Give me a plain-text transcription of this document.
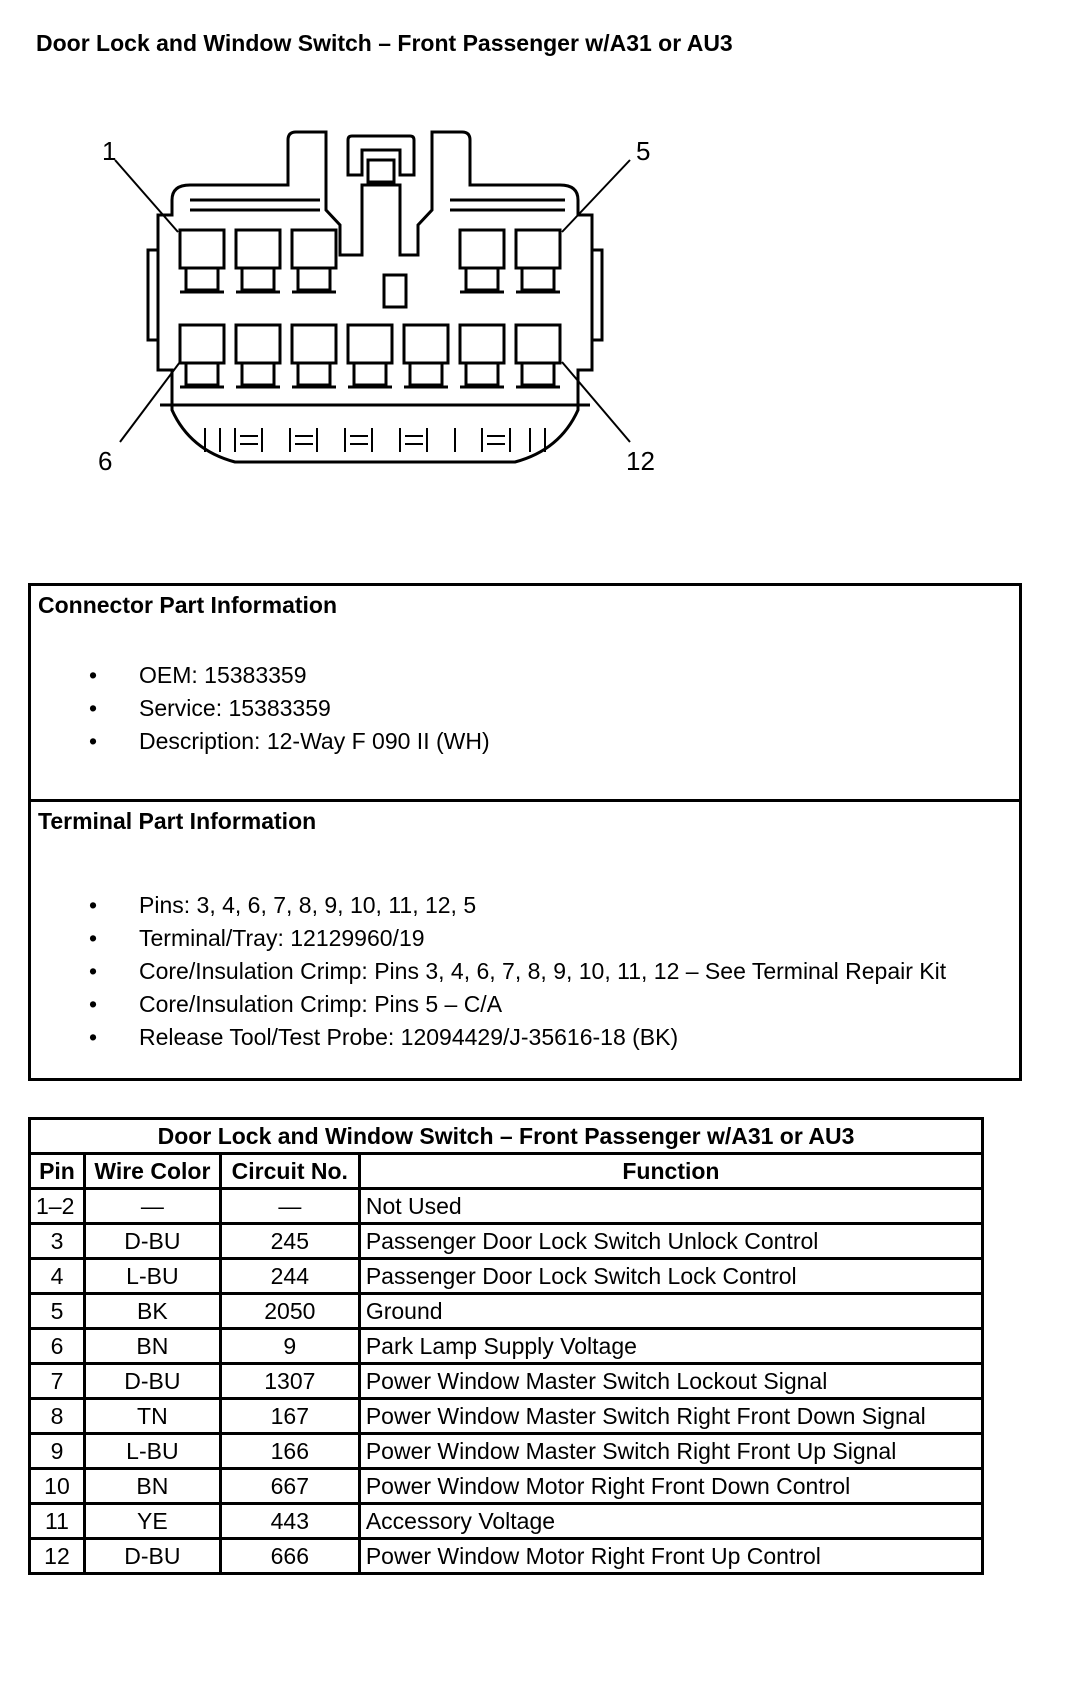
Door Lock and Window Switch – Front Passenger w/A31 or AU3
1	5
6	12
Connector Part Information
• OEM: 15383359
• Service: 15383359
• Description: 12-Way F 090 II (WH)
Terminal Part Information
• Pins: 3, 4, 6, 7, 8, 9, 10, 11, 12, 5
• Terminal/Tray: 12129960/19
• Core/Insulation Crimp: Pins 3, 4, 6, 7, 8, 9, 10, 11, 12 – See Terminal Repair Kit
• Core/Insulation Crimp: Pins 5 – C/A
• Release Tool/Test Probe: 12094429/J-35616-18 (BK)
Door Lock and Window Switch – Front Passenger w/A31 or AU3			
Pin	Wire Color	Circuit No.	Function
1–2	—	—	Not Used
3	D-BU	245	Passenger Door Lock Switch Unlock Control
4	L-BU	244	Passenger Door Lock Switch Lock Control
5	BK	2050	Ground
6	BN	9	Park Lamp Supply Voltage
7	D-BU	1307	Power Window Master Switch Lockout Signal
8	TN	167	Power Window Master Switch Right Front Down Signal
9	L-BU	166	Power Window Master Switch Right Front Up Signal
10	BN	667	Power Window Motor Right Front Down Control
11	YE	443	Accessory Voltage
12	D-BU	666	Power Window Motor Right Front Up Control
